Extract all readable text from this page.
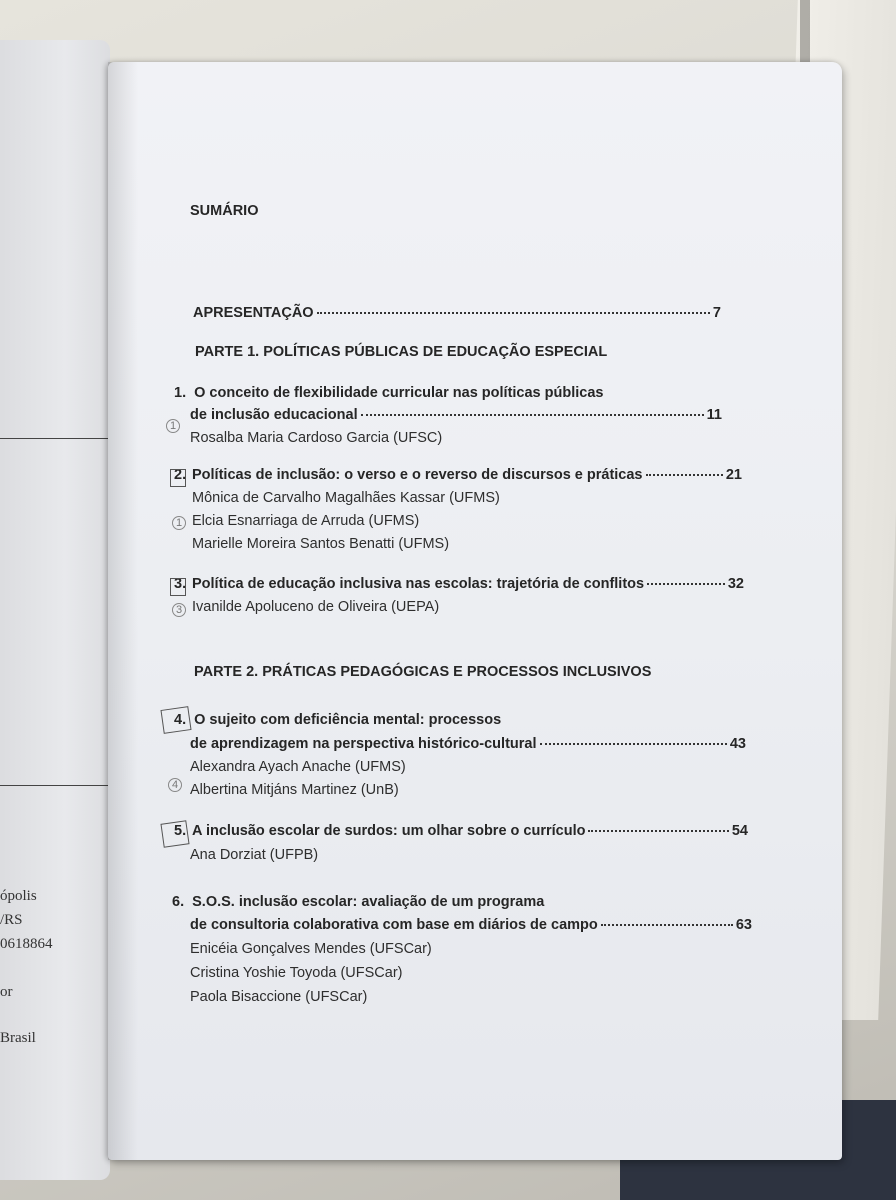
ópolis
/RS
0618864
or
Brasil
SUMÁRIO
APRESENTAÇÃO	7
PARTE 1. POLÍTICAS PÚBLICAS DE EDUCAÇÃO ESPECIAL
1. O conceito de flexibilidade curricular nas políticas públicas
de inclusão educacional	11
Rosalba Maria Cardoso Garcia (UFSC)
1
2. Políticas de inclusão: o verso e o reverso de discursos e práticas	21
Mônica de Carvalho Magalhães Kassar (UFMS)
Elcia Esnarriaga de Arruda (UFMS)
Marielle Moreira Santos Benatti (UFMS)
1
3. Política de educação inclusiva nas escolas: trajetória de conflitos	32
Ivanilde Apoluceno de Oliveira (UEPA)
3
PARTE 2. PRÁTICAS PEDAGÓGICAS E PROCESSOS INCLUSIVOS
4. O sujeito com deficiência mental: processos
de aprendizagem na perspectiva histórico-cultural	43
Alexandra Ayach Anache (UFMS)
Albertina Mitjáns Martinez (UnB)
4
5. A inclusão escolar de surdos: um olhar sobre o currículo	54
Ana Dorziat (UFPB)
6. S.O.S. inclusão escolar: avaliação de um programa
de consultoria colaborativa com base em diários de campo	63
Enicéia Gonçalves Mendes (UFSCar)
Cristina Yoshie Toyoda (UFSCar)
Paola Bisaccione (UFSCar)
